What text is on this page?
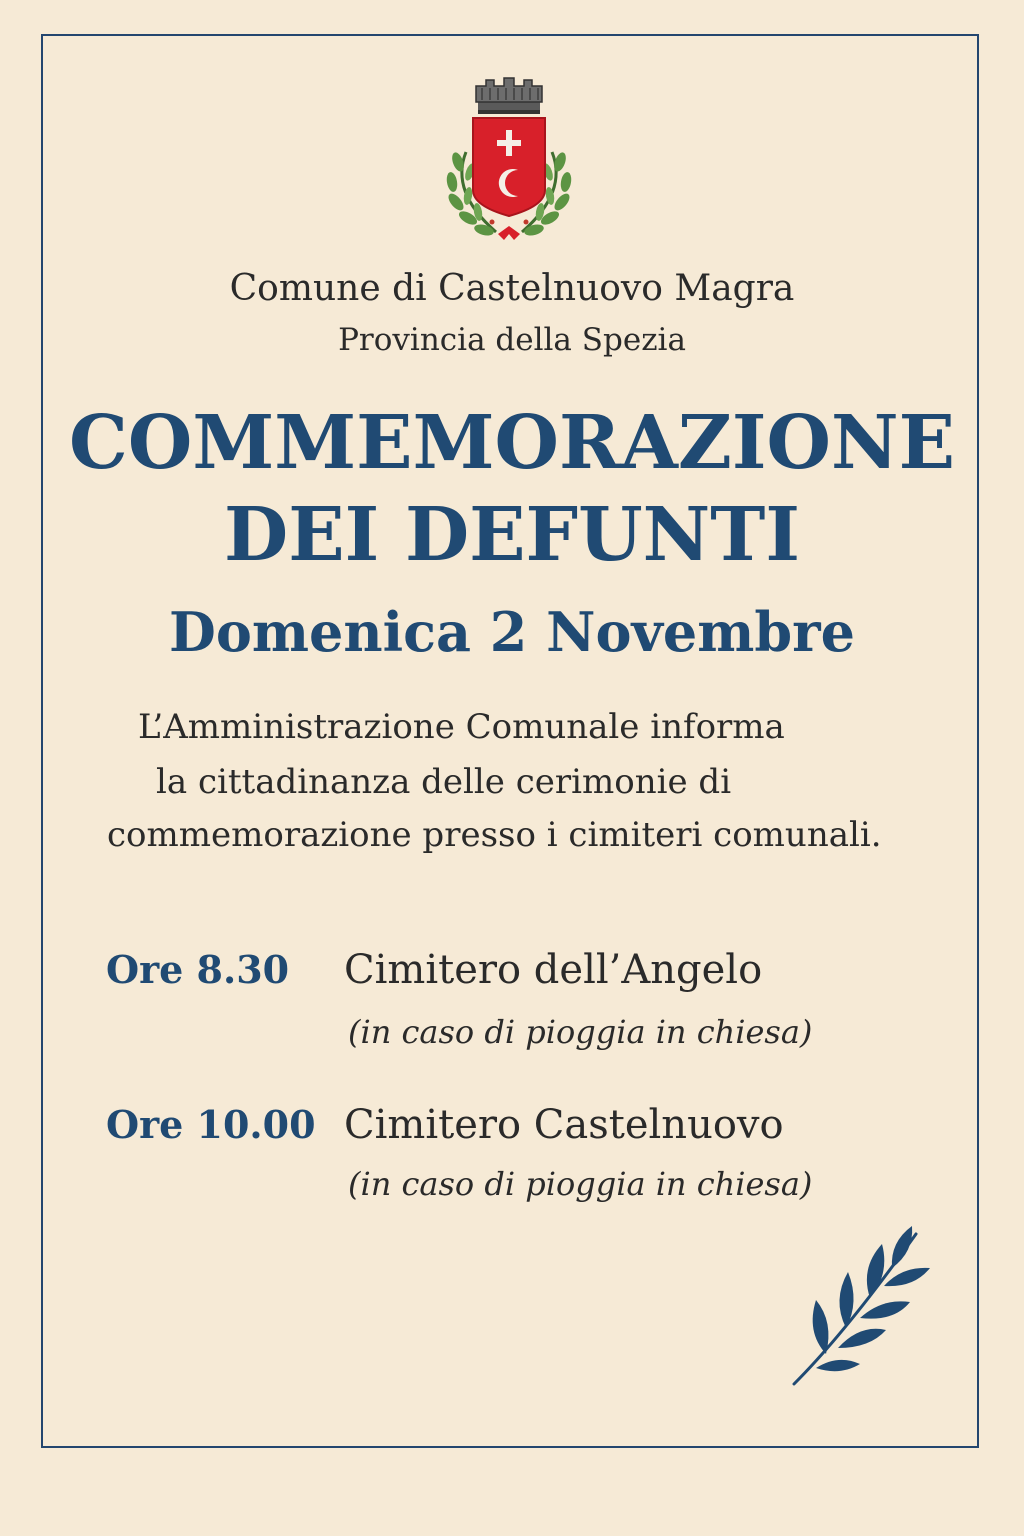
Comune di Castelnuovo Magra
Provincia della Spezia
COMMEMORAZIONE
DEI DEFUNTI
Domenica 2 Novembre
L’Amministrazione Comunale informa
la cittadinanza delle cerimonie di
commemorazione presso i cimiteri comunali.
Ore 8.30 Cimitero dell’Angelo
(in caso di pioggia in chiesa)
Ore 10.00 Cimitero Castelnuovo
(in caso di pioggia in chiesa)
